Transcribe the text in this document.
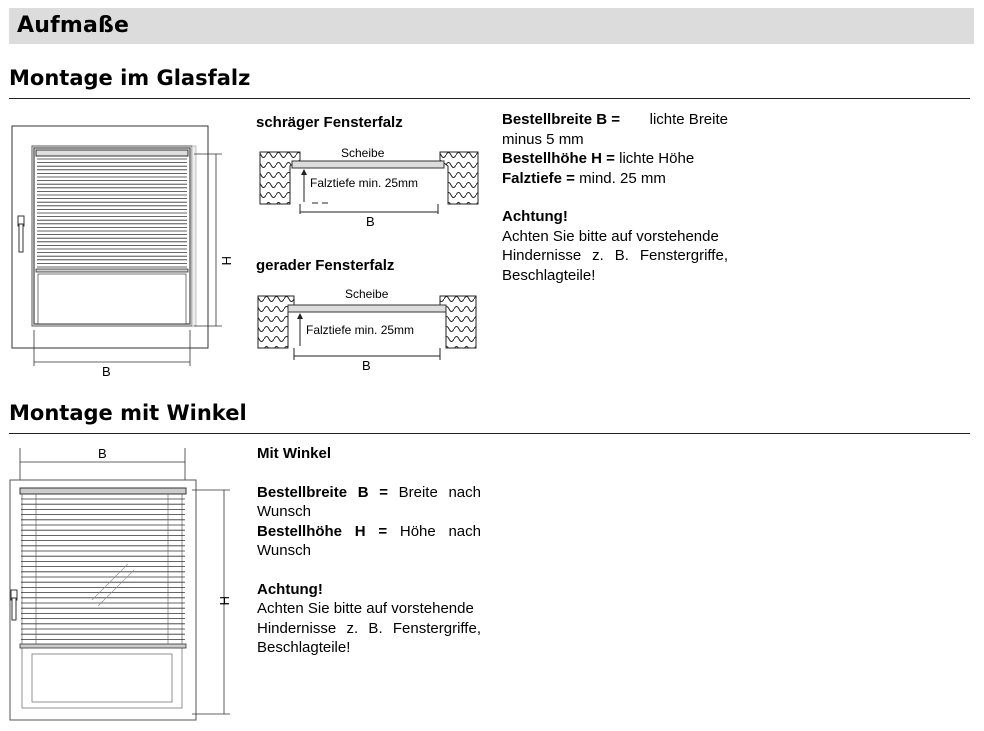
Aufmaße
Montage im Glasfalz
H
B
schräger Fensterfalz
Scheibe
Falztiefe min. 25mm
B
gerader Fensterfalz
Scheibe
Falztiefe min. 25mm
B
Bestellbreite B = lichte Breite
minus 5 mm
Bestellhöhe H = lichte Höhe
Falztiefe = mind. 25 mm
Achtung!
Achten Sie bitte auf vorstehende
Hindernisse z. B. Fenstergriffe,
Beschlagteile!
Montage mit Winkel
B
H
Mit Winkel
Bestellbreite B = Breite nach
Wunsch
Bestellhöhe H = Höhe nach
Wunsch
Achtung!
Achten Sie bitte auf vorstehende
Hindernisse z. B. Fenstergriffe,
Beschlagteile!
